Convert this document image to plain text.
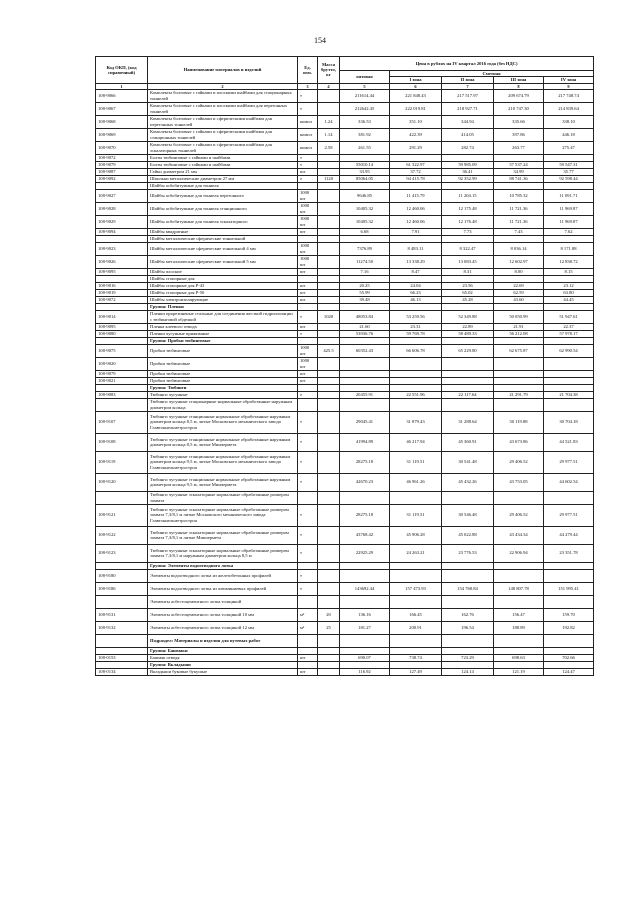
154
Код ОКП, (код справочный)	Наименование материалов и изделий	Ед. изм.	Масса брутто, кг	Цена в рублях на IV квартал 2016 года (без НДС)				
				оптовая	Сметная			
					I зона	II зона	III зона	IV зона
1	2	3	4	5	6	7	8	9
108-9066	Комплекты болтовые с гайками и плоскими шайбами для стационарных тоннелей	т		211614.44	221 848.43	217 517.97	209 674.79	217 748.74
108-9067	Комплекты болтовые с гайками и плоскими шайбами для перегонных тоннелей	т		212642.45	222 019.81	218 927.71	210 747.30	214 839.64
108-9068	Комплекты болтовые с гайками и сферическими шайбами для перегонных тоннелей	компл	1.24	336.53	351.10	344.94	335.66	338.10
108-9069	Комплекты болтовые с гайками и сферическими шайбами для станционных тоннелей	компл	1.14	381.92	422.39	414.05	397.86	446.18
108-9070	Комплекты болтовые с гайками и сферическими шайбами для эскалаторных тоннелей	компл	2.58	261.55	291.29	282.74	263.77	275.47
108-9072	Болты тюбинговые с гайками и шайбами	т						
108-9079	Болты тюбинговые с гайками и шайбами	т		55010.14	61 322.97	59 985.09	57 537.24	59 547.31
108-9087	Гайки диаметром 21 мм	шт		33.95	37.72	36.41	34.99	35.77
108-9092	Шпильки металлические диаметром 27 мм	т	1120	85064.05	94 415.78	92 352.99	88 741.36	92 598.44
	Шайбы асбобитумные для тоннеля							
108-9027	Шайбы асбобитумные для тоннеля перегонного	1000 шт		9646.85	11 415.79	11 204.15	10 785.32	11 091.71
108-9028	Шайбы асбобитумные для тоннеля станционного	1000 шт		10405.32	12 460.06	12 175.48	11 721.36	11 969.87
108-9029	Шайбы асбобитумные для тоннеля эскалаторного	1000 шт		10405.32	12 460.06	12 176.48	11 721.36	11 969.87
108-9094	Шайбы квадратные	шт		6.68	7.91	7.73	7.43	7.62
	Шайбы металлические сферические тоннельной							
108-9023	Шайбы металлические сферические тоннельной 4 мм	1000 шт		7376.89	8 483.11	8 322.47	8 036.14	8 171.88
108-9026	Шайбы металлические сферические тоннельной 5 мм	1000 шт		11274.50	13 338.29	13 083.45	12 602.97	12 838.72
108-9095	Шайбы плоские	шт		7.16	8.47	8.31	8.00	8.15
	Шайбы стопорные для							
108-9016	Шайбы стопорные для Р-43	шт		20.25	24.04	23.56	22.69	23.12
108-9019	Шайбы стопорные для Р-50	шт		55.99	66.23	65.02	62.59	63.80
108-9072	Шайбы электроизолирующие	шт		39.48	46.13	45.28	43.60	44.45
	Группа: Пленки							
108-9014	Пленки прорезиненые стальные для соединения жесткой гидроизоляции с тюбинговой обделкой	т	1020	48053.84	53 259.56	52 349.88	50 050.99	51 947.61
108-9095	Пленка клеевого отвода	шт		21.60	23.31	22.89	21.91	22.37
108-9080	Пленки чугунные прижимные	т		53936.76	59 769.78	58 489.33	56 212.08	57 978.17
	Группа: Пробки тюбинговые							
108-9075	Пробки тюбинговые	1000 шт	425.5	60352.43	66 606.78	65 229.80	62 675.87	62 990.54
108-9020	Пробки тюбинговые	1000 шт						
108-9079	Пробки тюбинговые	шт						
108-9021	Пробки тюбинговые	шт						
	Группа: Тюбинги							
108-9083	Тюбинги чугунные	т		20455.91	22 551.96	22 117.64	21 291.79	21 704.38
	Тюбинги чугунные стационарные нормальные обработанные наружным диаметром кольца							
108-9107	Тюбинги чугунные станционные нормальные обработанные наружным диаметром кольца 8,5 м, литые Московского механического завода Главтоннельметростроя	т		29045.41	31 879.43	31 288.64	30 119.88	30 704.18
108-9108	Тюбинги чугунные станционные нормальные обработанные наружным диаметром кольца 8,5 м, литые Минчермета	т		41994.89	46 217.94	45 360.91	43 673.86	44 521.83
108-9119	Тюбинги чугунные станционные нормальные обработанные наружным диаметром кольца 9,5 м, литые Московского механического завода Главтоннельметростроя	т		28275.18	31 119.51	30 541.48	29 406.52	29 977.51
108-9120	Тюбинги чугунные станционные нормальные обработанные наружным диаметром кольца 9,5 м, литые Минчермета	т		42670.23	46 961.26	45 432.26	43 753.05	44 602.54
	Тюбинги чугунные эскалаторные нормальные обработанные размером захвата							
108-9121	Тюбинги чугунные эскалаторные нормальные обработанные размером захвата 7,3/8,1 м литые Московского механического завода Главтоннельметростроя	т		28275.18	31 119.51	30 546.48	29 406.52	29 977.51
108-9122	Тюбинги чугунные эскалаторные нормальные обработанные размером захвата 7,3/8,1 м литые Минчермета	т		43768.42	45 906.28	45 022.88	43 434.34	44 279.44
108-9123	Тюбинги чугунные эскалаторные нормальные обработанные размером захвата 7,3/8,1 м наружным диаметром кольца 8,5 м	т		22925.29	24 263.21	23 776.53	22 906.94	23 351.78
	Группа: Элементы водоотводного лотка							
108-9180	Элементы водоотводного лотка из железобетонных профилей	т						
108-9186	Элементы водоотводного лотка из алюминиевых профилей	т		143692.44	157 473.93	154 768.84	148 807.78	151 995.41
	Элементы асбестоцементного лотка толщиной							
108-9131	Элементы асбестоцементного лотка толщиной 10 мм	м²	20	136.16	166.45	162.76	156.47	159.70
108-9132	Элементы асбестоцементного лотка толщиной 12 мм	м²	25	181.27	200.91	196.54	188.89	192.82
	Подраздел: Материалы и изделия для путевых работ							
	Группа: Башмаки							
108-0153	Башмак отводя	шт		690.07	738.74	723.29	698.63	702.66
	Группа: Вкладыши							
108-0134	Вкладыши буковые букушые	шт		116.92	127.49	124.14	121.19	124.47
